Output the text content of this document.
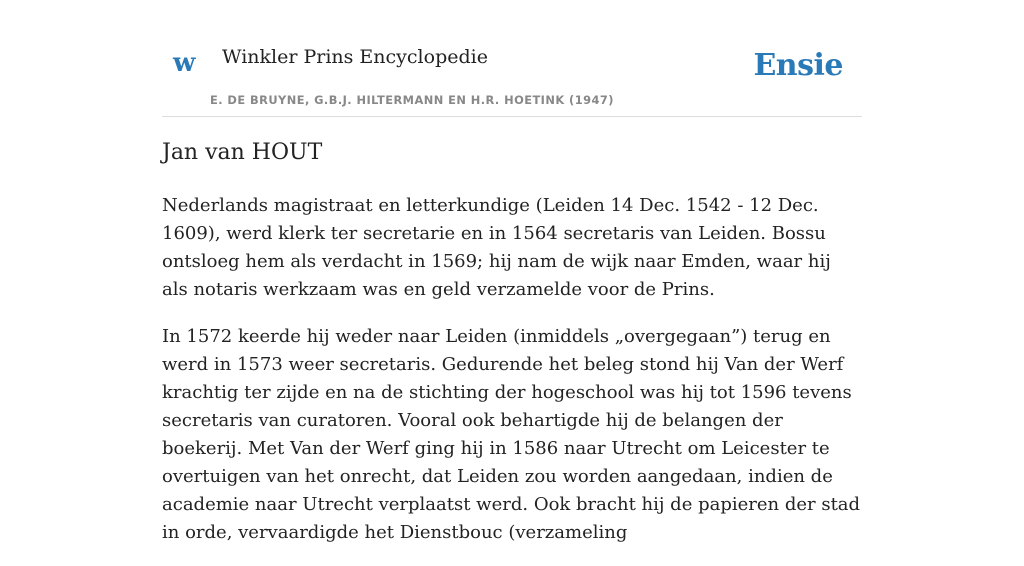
w Winkler Prins Encyclopedie
E. DE BRUYNE, G.B.J. HILTERMANN EN H.R. HOETINK (1947)
Ensie
Jan van HOUT

Nederlands magistraat en letterkundige (Leiden 14 Dec. 1542 - 12 Dec. 1609), werd klerk ter secretarie en in 1564 secretaris van Leiden. Bossu ontsloeg hem als verdacht in 1569; hij nam de wijk naar Emden, waar hij als notaris werkzaam was en geld verzamelde voor de Prins.

In 1572 keerde hij weder naar Leiden (inmiddels „overgegaan”) terug en werd in 1573 weer secretaris. Gedurende het beleg stond hij Van der Werf krachtig ter zijde en na de stichting der hogeschool was hij tot 1596 tevens secretaris van curatoren. Vooral ook behartigde hij de belangen der boekerij. Met Van der Werf ging hij in 1586 naar Utrecht om Leicester te overtuigen van het onrecht, dat Leiden zou worden aangedaan, indien de academie naar Utrecht verplaatst werd. Ook bracht hij de papieren der stad in orde, vervaardigde het Dienstbouc (verzameling
